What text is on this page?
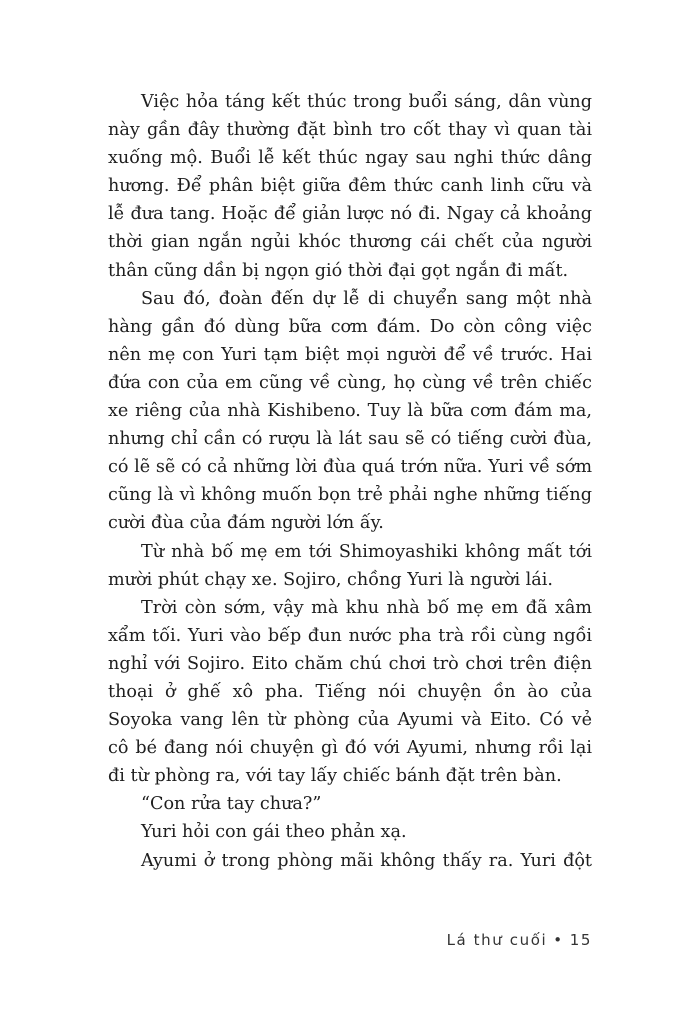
Việc hỏa táng kết thúc trong buổi sáng, dân vùng này gần đây thường đặt bình tro cốt thay vì quan tài xuống mộ. Buổi lễ kết thúc ngay sau nghi thức dâng hương. Để phân biệt giữa đêm thức canh linh cữu và lễ đưa tang. Hoặc để giản lược nó đi. Ngay cả khoảng thời gian ngắn ngủi khóc thương cái chết của người thân cũng dần bị ngọn gió thời đại gọt ngắn đi mất.

Sau đó, đoàn đến dự lễ di chuyển sang một nhà hàng gần đó dùng bữa cơm đám. Do còn công việc nên mẹ con Yuri tạm biệt mọi người để về trước. Hai đứa con của em cũng về cùng, họ cùng về trên chiếc xe riêng của nhà Kishibeno. Tuy là bữa cơm đám ma, nhưng chỉ cần có rượu là lát sau sẽ có tiếng cười đùa, có lẽ sẽ có cả những lời đùa quá trớn nữa. Yuri về sớm cũng là vì không muốn bọn trẻ phải nghe những tiếng cười đùa của đám người lớn ấy.

Từ nhà bố mẹ em tới Shimoyashiki không mất tới mười phút chạy xe. Sojiro, chồng Yuri là người lái.

Trời còn sớm, vậy mà khu nhà bố mẹ em đã xâm xẩm tối. Yuri vào bếp đun nước pha trà rồi cùng ngồi nghỉ với Sojiro. Eito chăm chú chơi trò chơi trên điện thoại ở ghế xô pha. Tiếng nói chuyện ồn ào của Soyoka vang lên từ phòng của Ayumi và Eito. Có vẻ cô bé đang nói chuyện gì đó với Ayumi, nhưng rồi lại đi từ phòng ra, với tay lấy chiếc bánh đặt trên bàn.

“Con rửa tay chưa?”

Yuri hỏi con gái theo phản xạ.

Ayumi ở trong phòng mãi không thấy ra. Yuri đột

Lá thư cuối • 15
